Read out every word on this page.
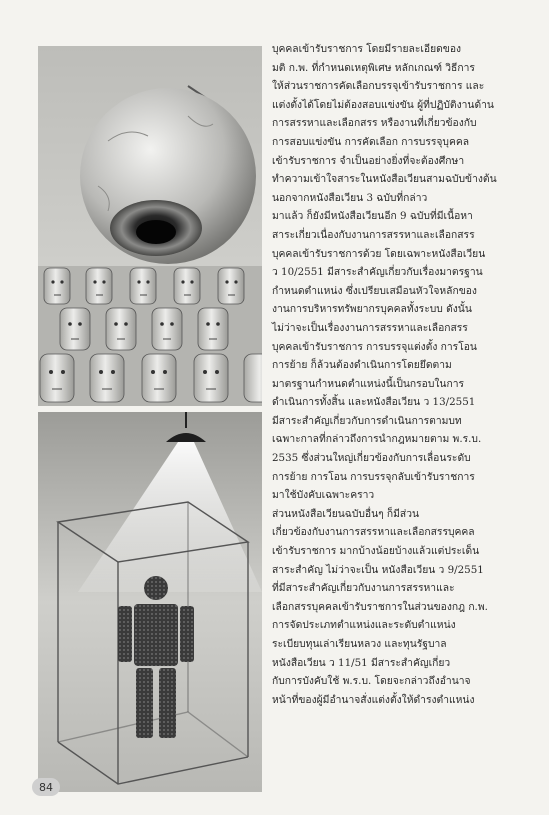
บุคคลเข้ารับราชการ โดยมีรายละเอียดของ
มติ ก.พ. ที่กำหนดเหตุพิเศษ หลักเกณฑ์ วิธีการ
ให้ส่วนราชการคัดเลือกบรรจุเข้ารับราชการ และ
แต่งตั้งได้โดยไม่ต้องสอบแข่งขัน ผู้ที่ปฏิบัติงานด้าน
การสรรหาและเลือกสรร หรืองานที่เกี่ยวข้องกับ
การสอบแข่งขัน การคัดเลือก การบรรจุบุคคล
เข้ารับราชการ จำเป็นอย่างยิ่งที่จะต้องศึกษา
ทำความเข้าใจสาระในหนังสือเวียนสามฉบับข้างต้น

นอกจากหนังสือเวียน 3 ฉบับที่กล่าว
มาแล้ว ก็ยังมีหนังสือเวียนอีก 9 ฉบับที่มีเนื้อหา
สาระเกี่ยวเนื่องกับงานการสรรหาและเลือกสรร
บุคคลเข้ารับราชการด้วย โดยเฉพาะหนังสือเวียน
ว 10/2551 มีสาระสำคัญเกี่ยวกับเรื่องมาตรฐาน
กำหนดตำแหน่ง ซึ่งเปรียบเสมือนหัวใจหลักของ
งานการบริหารทรัพยากรบุคคลทั้งระบบ ดังนั้น
ไม่ว่าจะเป็นเรื่องงานการสรรหาและเลือกสรร
บุคคลเข้ารับราชการ การบรรจุแต่งตั้ง การโอน
การย้าย ก็ล้วนต้องดำเนินการโดยยึดตาม
มาตรฐานกำหนดตำแหน่งนี้เป็นกรอบในการ
ดำเนินการทั้งสิ้น และหนังสือเวียน ว 13/2551
มีสาระสำคัญเกี่ยวกับการดำเนินการตามบท
เฉพาะกาลที่กล่าวถึงการนำกฎหมายตาม พ.ร.บ.
2535 ซึ่งส่วนใหญ่เกี่ยวข้องกับการเลื่อนระดับ
การย้าย การโอน การบรรจุกลับเข้ารับราชการ
มาใช้บังคับเฉพาะคราว

ส่วนหนังสือเวียนฉบับอื่นๆ ก็มีส่วน
เกี่ยวข้องกับงานการสรรหาและเลือกสรรบุคคล
เข้ารับราชการ มากบ้างน้อยบ้างแล้วแต่ประเด็น
สาระสำคัญ ไม่ว่าจะเป็น หนังสือเวียน ว 9/2551
ที่มีสาระสำคัญเกี่ยวกับงานการสรรหาและ
เลือกสรรบุคคลเข้ารับราชการในส่วนของกฎ ก.พ.
การจัดประเภทตำแหน่งและระดับตำแหน่ง
ระเบียบทุนเล่าเรียนหลวง และทุนรัฐบาล

หนังสือเวียน ว 11/51 มีสาระสำคัญเกี่ยว
กับการบังคับใช้ พ.ร.บ. โดยจะกล่าวถึงอำนาจ
หน้าที่ของผู้มีอำนาจสั่งแต่งตั้งให้ดำรงตำแหน่ง

84
